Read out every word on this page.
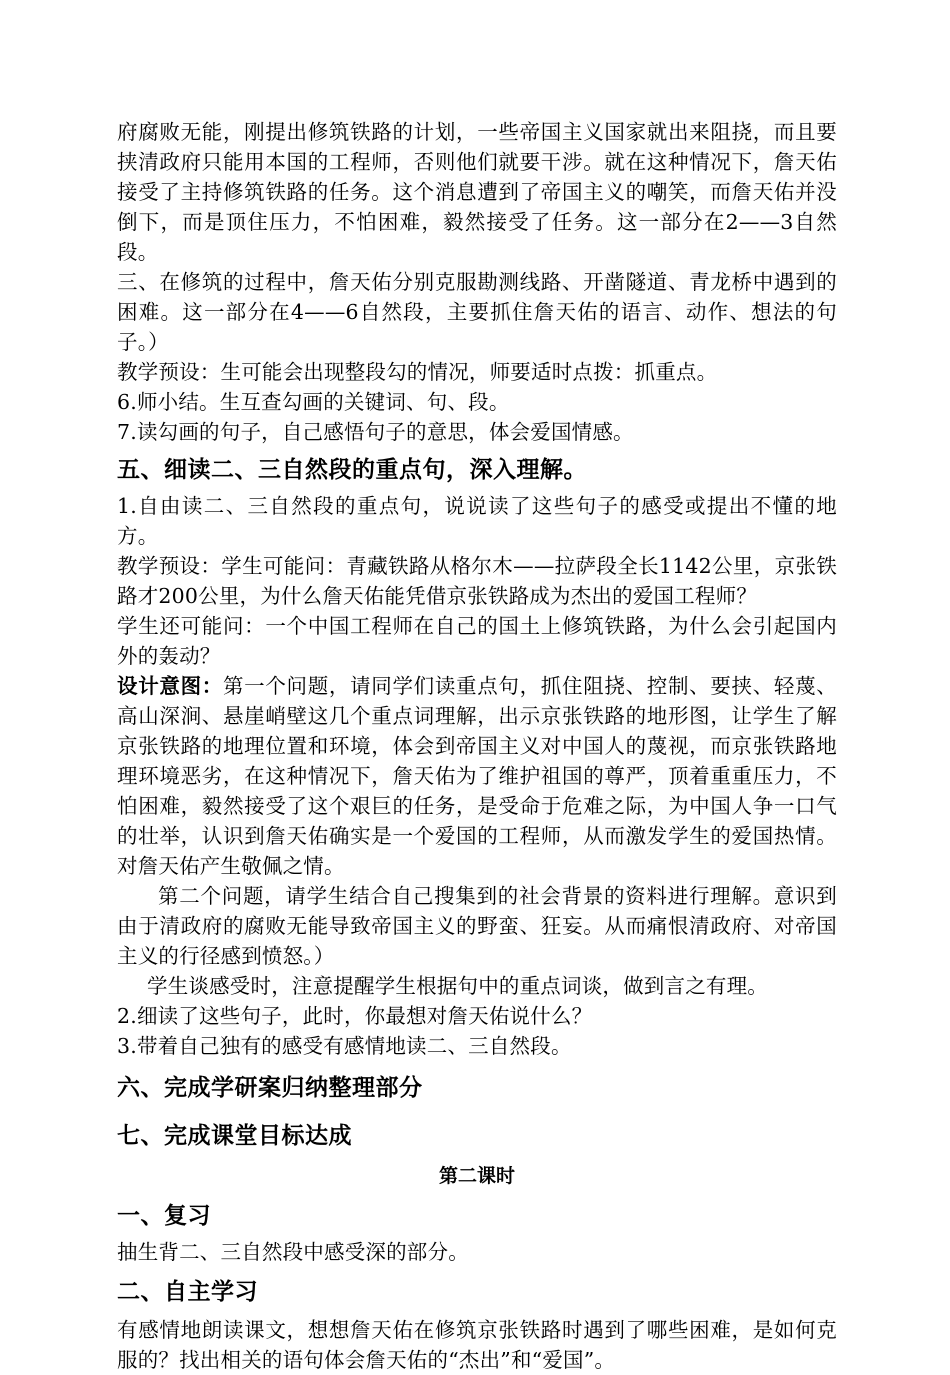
府腐败无能，刚提出修筑铁路的计划，一些帝国主义国家就出来阻挠，而且要挟清政府只能用本国的工程师，否则他们就要干涉。就在这种情况下，詹天佑接受了主持修筑铁路的任务。这个消息遭到了帝国主义的嘲笑，而詹天佑并没倒下，而是顶住压力，不怕困难，毅然接受了任务。这一部分在2——3自然段。

三、在修筑的过程中，詹天佑分别克服勘测线路、开凿隧道、青龙桥中遇到的困难。这一部分在4——6自然段，主要抓住詹天佑的语言、动作、想法的句子。）

教学预设：生可能会出现整段勾的情况，师要适时点拨：抓重点。

6.师小结。生互查勾画的关键词、句、段。

7.读勾画的句子，自己感悟句子的意思，体会爱国情感。

五、细读二、三自然段的重点句，深入理解。

1.自由读二、三自然段的重点句，说说读了这些句子的感受或提出不懂的地方。

教学预设：学生可能问：青藏铁路从格尔木——拉萨段全长1142公里，京张铁路才200公里，为什么詹天佑能凭借京张铁路成为杰出的爱国工程师？

学生还可能问：一个中国工程师在自己的国土上修筑铁路，为什么会引起国内外的轰动？

设计意图：第一个问题，请同学们读重点句，抓住阻挠、控制、要挟、轻蔑、高山深涧、悬崖峭壁这几个重点词理解，出示京张铁路的地形图，让学生了解京张铁路的地理位置和环境，体会到帝国主义对中国人的蔑视，而京张铁路地理环境恶劣，在这种情况下，詹天佑为了维护祖国的尊严，顶着重重压力，不怕困难，毅然接受了这个艰巨的任务，是受命于危难之际，为中国人争一口气的壮举，认识到詹天佑确实是一个爱国的工程师，从而激发学生的爱国热情。对詹天佑产生敬佩之情。

第二个问题，请学生结合自己搜集到的社会背景的资料进行理解。意识到由于清政府的腐败无能导致帝国主义的野蛮、狂妄。从而痛恨清政府、对帝国主义的行径感到愤怒。）

学生谈感受时，注意提醒学生根据句中的重点词谈，做到言之有理。

2.细读了这些句子，此时，你最想对詹天佑说什么？

3.带着自己独有的感受有感情地读二、三自然段。

六、完成学研案归纳整理部分
七、完成课堂目标达成

第二课时

一、复习

抽生背二、三自然段中感受深的部分。

二、自主学习

有感情地朗读课文，想想詹天佑在修筑京张铁路时遇到了哪些困难，是如何克服的？找出相关的语句体会詹天佑的“杰出”和“爱国”。
